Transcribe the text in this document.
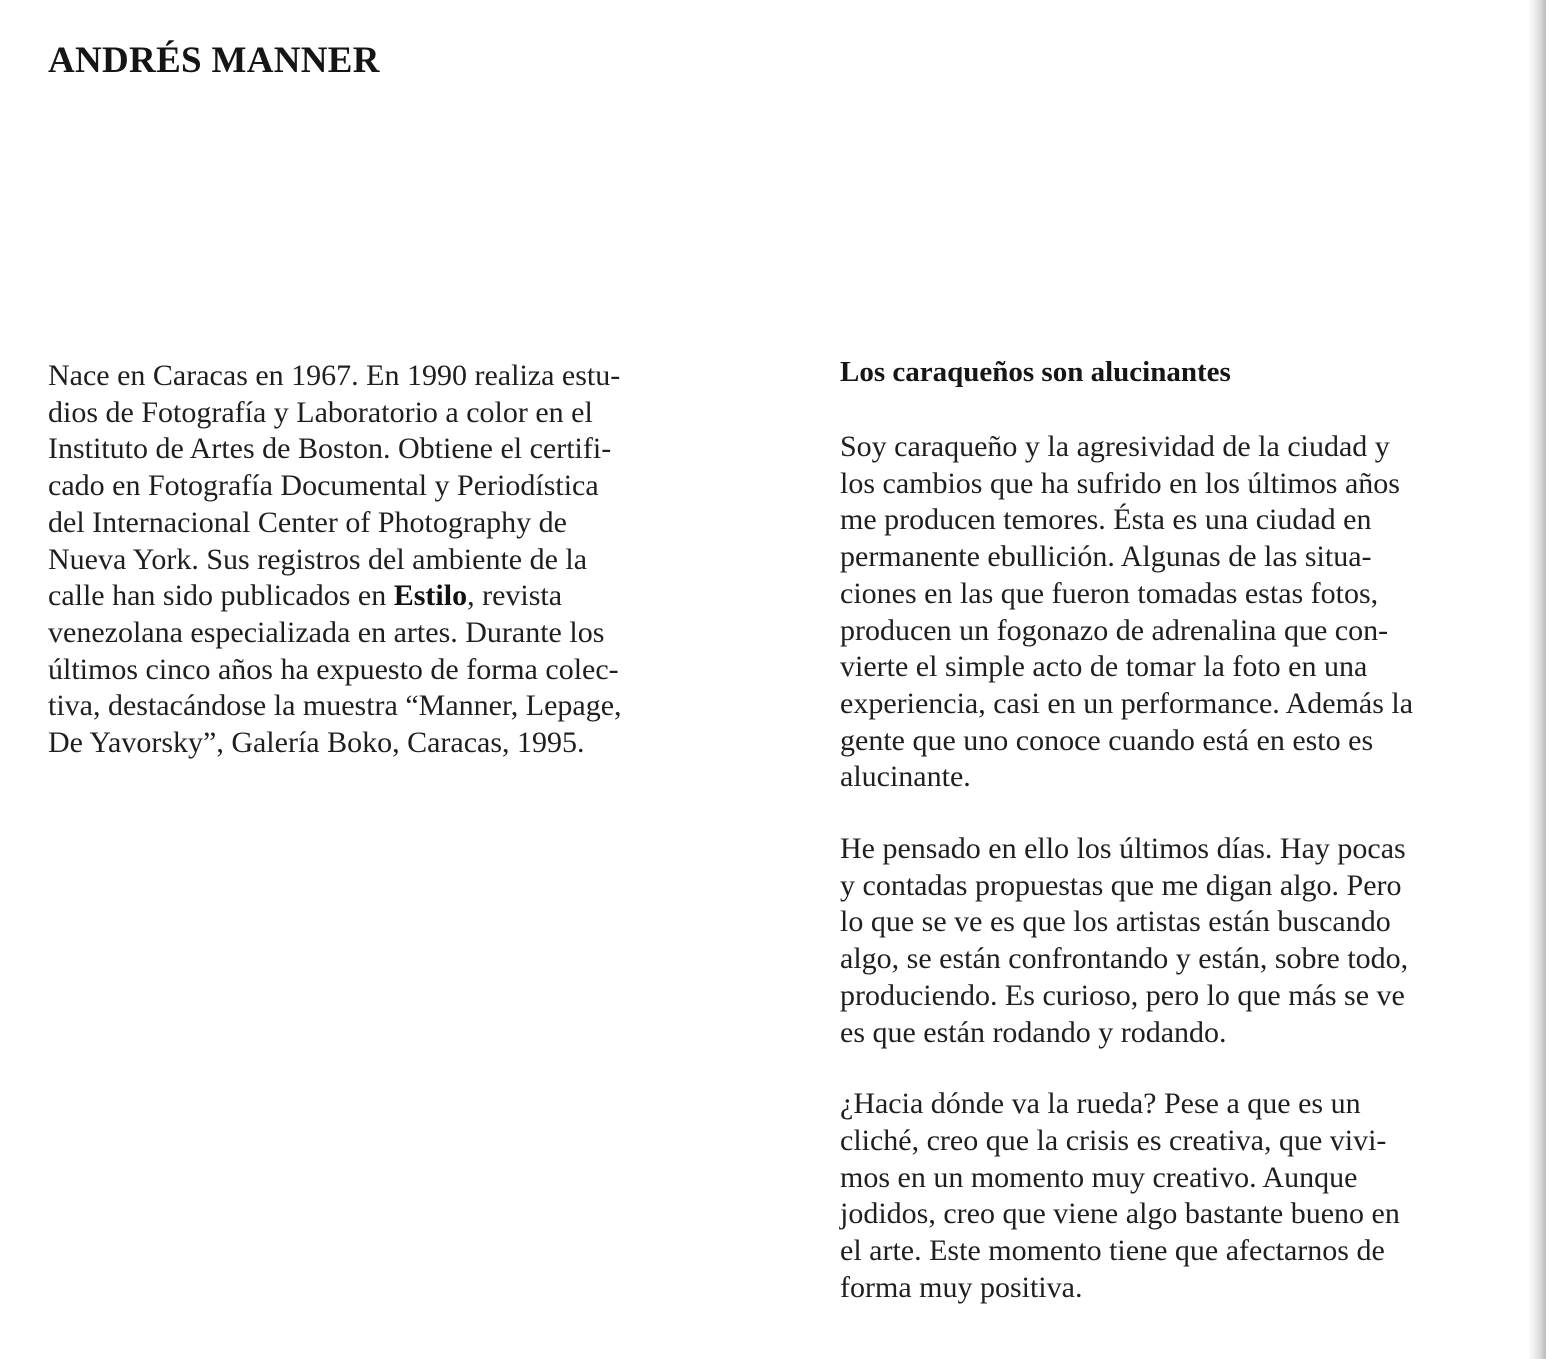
ANDRÉS MANNER
Nace en Caracas en 1967. En 1990 realiza estu-
dios de Fotografía y Laboratorio a color en el
Instituto de Artes de Boston. Obtiene el certifi-
cado en Fotografía Documental y Periodística
del Internacional Center of Photography de
Nueva York. Sus registros del ambiente de la
calle han sido publicados en Estilo, revista
venezolana especializada en artes. Durante los
últimos cinco años ha expuesto de forma colec-
tiva, destacándose la muestra “Manner, Lepage,
De Yavorsky”, Galería Boko, Caracas, 1995.
Los caraqueños son alucinantes
Soy caraqueño y la agresividad de la ciudad y
los cambios que ha sufrido en los últimos años
me producen temores. Ésta es una ciudad en
permanente ebullición. Algunas de las situa-
ciones en las que fueron tomadas estas fotos,
producen un fogonazo de adrenalina que con-
vierte el simple acto de tomar la foto en una
experiencia, casi en un performance. Además la
gente que uno conoce cuando está en esto es
alucinante.
He pensado en ello los últimos días. Hay pocas
y contadas propuestas que me digan algo. Pero
lo que se ve es que los artistas están buscando
algo, se están confrontando y están, sobre todo,
produciendo. Es curioso, pero lo que más se ve
es que están rodando y rodando.
¿Hacia dónde va la rueda? Pese a que es un
cliché, creo que la crisis es creativa, que vivi-
mos en un momento muy creativo. Aunque
jodidos, creo que viene algo bastante bueno en
el arte. Este momento tiene que afectarnos de
forma muy positiva.
